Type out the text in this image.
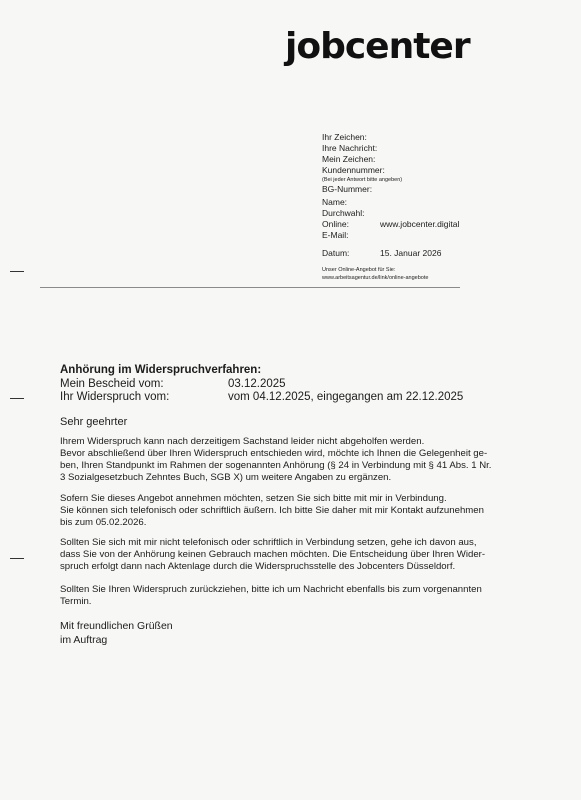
jobcenter
Ihr Zeichen:
Ihre Nachricht:
Mein Zeichen:
Kundennummer:
(Bei jeder Antwort bitte angeben)
BG-Nummer:
Name:
Durchwahl:
Online:	www.jobcenter.digital
E-Mail:
Datum:	15. Januar 2026
Unser Online-Angebot für Sie:
www.arbeitsagentur.de/link/online-angebote
Anhörung im Widerspruchverfahren:
Mein Bescheid vom:	03.12.2025
Ihr Widerspruch vom:	vom 04.12.2025, eingegangen am 22.12.2025
Sehr geehrter

Ihrem Widerspruch kann nach derzeitigem Sachstand leider nicht abgeholfen werden.

Bevor abschließend über Ihren Widerspruch entschieden wird, möchte ich Ihnen die Gelegenheit ge-

ben, Ihren Standpunkt im Rahmen der sogenannten Anhörung (§ 24 in Verbindung mit § 41 Abs. 1 Nr.

3 Sozialgesetzbuch Zehntes Buch, SGB X) um weitere Angaben zu ergänzen.

Sofern Sie dieses Angebot annehmen möchten, setzen Sie sich bitte mit mir in Verbindung.

Sie können sich telefonisch oder schriftlich äußern. Ich bitte Sie daher mit mir Kontakt aufzunehmen

bis zum 05.02.2026.

Sollten Sie sich mit mir nicht telefonisch oder schriftlich in Verbindung setzen, gehe ich davon aus,

dass Sie von der Anhörung keinen Gebrauch machen möchten. Die Entscheidung über Ihren Wider-

spruch erfolgt dann nach Aktenlage durch die Widerspruchsstelle des Jobcenters Düsseldorf.

Sollten Sie Ihren Widerspruch zurückziehen, bitte ich um Nachricht ebenfalls bis zum vorgenannten

Termin.

Mit freundlichen Grüßen

im Auftrag
